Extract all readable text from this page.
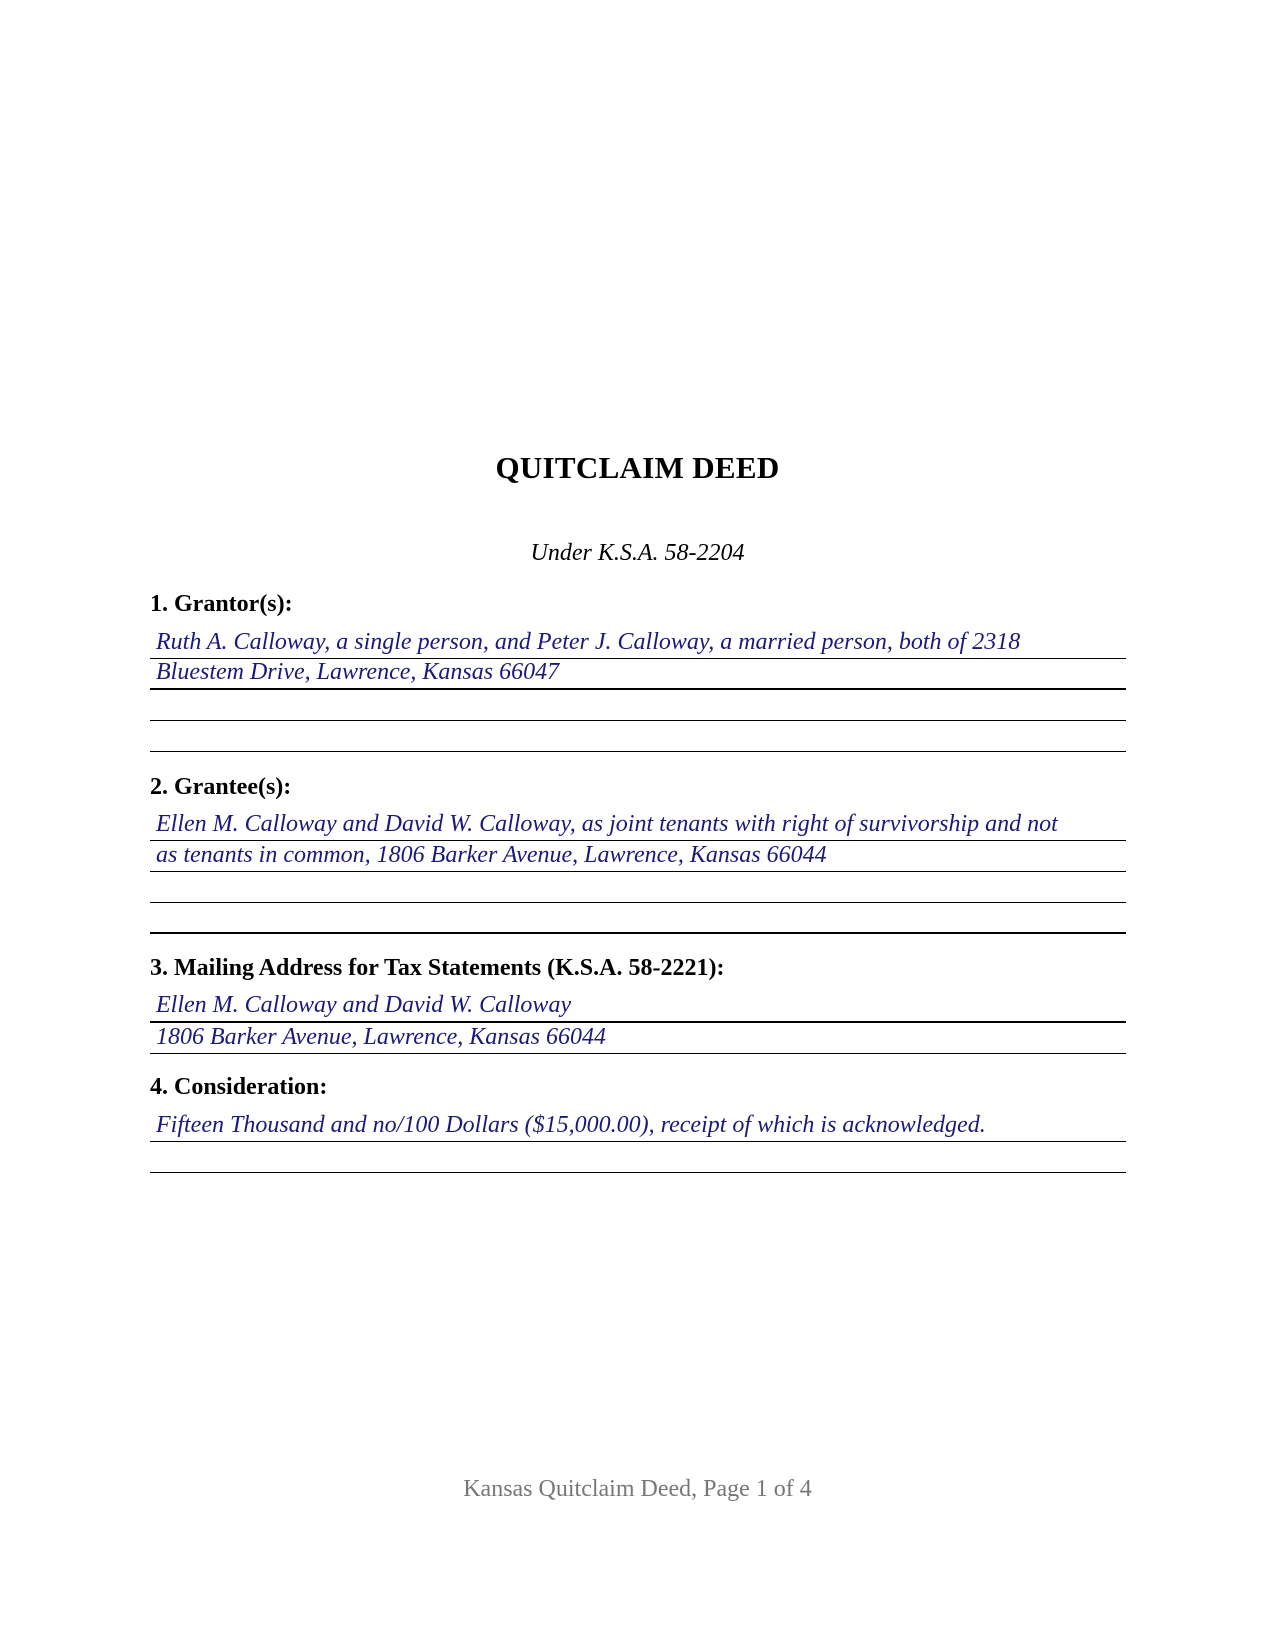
QUITCLAIM DEED
Under K.S.A. 58-2204
1. Grantor(s):
Ruth A. Calloway, a single person, and Peter J. Calloway, a married person, both of 2318
Bluestem Drive, Lawrence, Kansas 66047
2. Grantee(s):
Ellen M. Calloway and David W. Calloway, as joint tenants with right of survivorship and not
as tenants in common, 1806 Barker Avenue, Lawrence, Kansas 66044
3. Mailing Address for Tax Statements (K.S.A. 58-2221):
Ellen M. Calloway and David W. Calloway
1806 Barker Avenue, Lawrence, Kansas 66044
4. Consideration:
Fifteen Thousand and no/100 Dollars ($15,000.00), receipt of which is acknowledged.
Kansas Quitclaim Deed, Page 1 of 4
